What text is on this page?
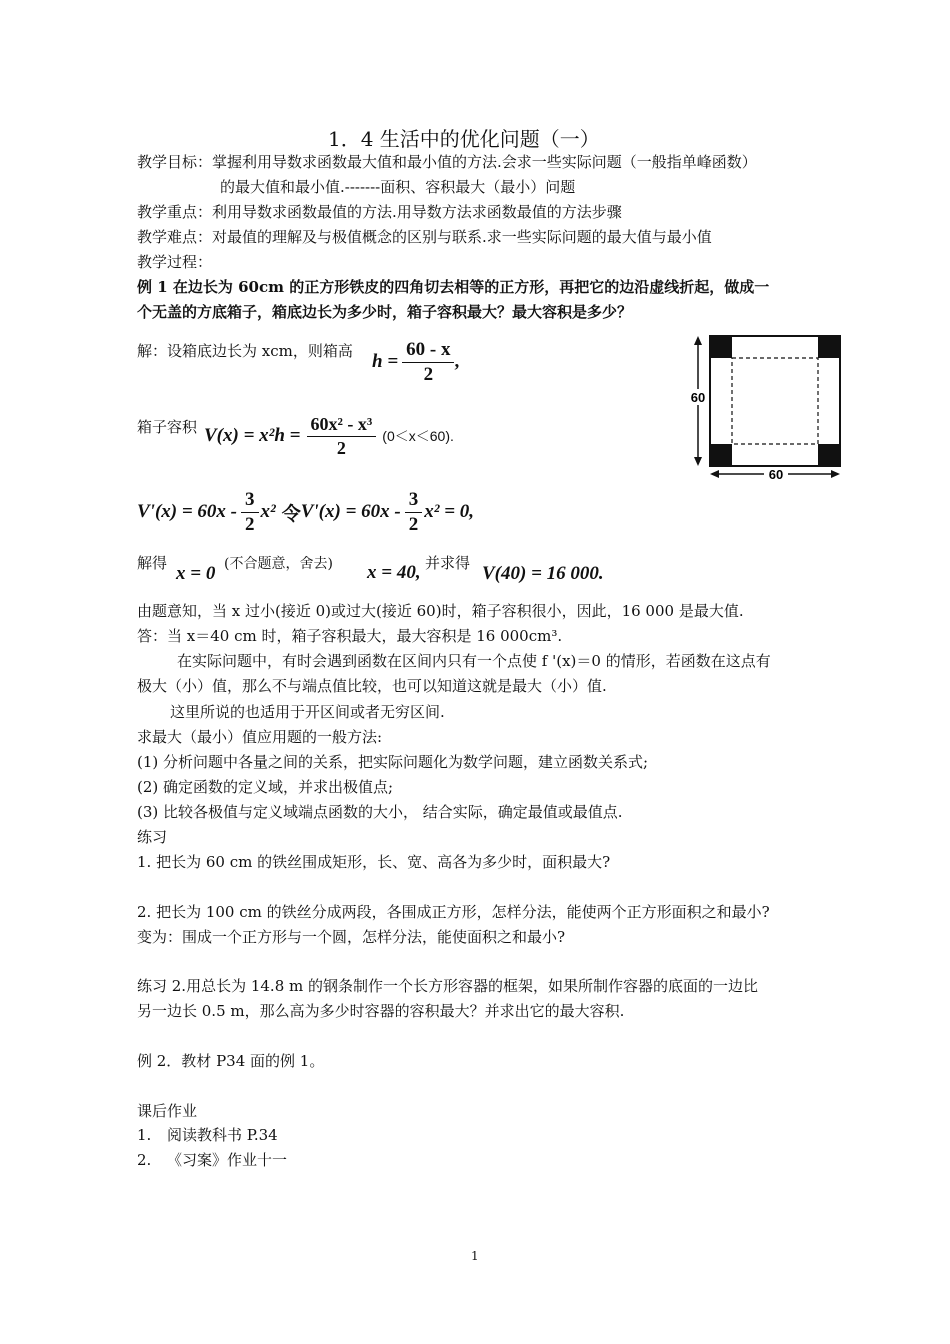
1．4 生活中的优化问题（一）
教学目标：掌握利用导数求函数最大值和最小值的方法.会求一些实际问题（一般指单峰函数）
的最大值和最小值.-------面积、容积最大（最小）问题
教学重点：利用导数求函数最值的方法.用导数方法求函数最值的方法步骤
教学难点：对最值的理解及与极值概念的区别与联系.求一些实际问题的最大值与最小值
教学过程：
例 1 在边长为 60cm 的正方形铁皮的四角切去相等的正方形，再把它的边沿虚线折起，做成一
个无盖的方底箱子，箱底边长为多少时，箱子容积最大？最大容积是多少？
解：设箱底边长为 xcm，则箱高 $h = \frac{60 - x}{2}$ ,
60
60
箱子容积 $V(x) = x^2h = \frac{\text{60x² - x³}}{2} (0<x<60)$.
$V'(x) = 60x - \frac{3}{2} x^2$ 令 $V'(x) = 60x - \frac{3}{2} x^2 = 0$,
解得 x = 0 (不合题意，舍去) x = 40, 并求得 V(40) = 16 000.
由题意知，当 x 过小(接近 0)或过大(接近 60)时，箱子容积很小，因此，16 000 是最大值.
答：当 x＝40 cm 时，箱子容积最大，最大容积是 16 000cm³.
在实际问题中，有时会遇到函数在区间内只有一个点使 f '(x)＝0 的情形，若函数在这点有
极大（小）值，那么不与端点值比较，也可以知道这就是最大（小）值.
这里所说的也适用于开区间或者无穷区间.
求最大（最小）值应用题的一般方法:
(1) 分析问题中各量之间的关系，把实际问题化为数学问题，建立函数关系式;
(2) 确定函数的定义域，并求出极值点;
(3) 比较各极值与定义域端点函数的大小， 结合实际，确定最值或最值点.
练习
1. 把长为 60 cm 的铁丝围成矩形，长、宽、高各为多少时，面积最大?
2. 把长为 100 cm 的铁丝分成两段，各围成正方形，怎样分法，能使两个正方形面积之和最小?
变为：围成一个正方形与一个圆，怎样分法，能使面积之和最小?
练习 2.用总长为 14.8 m 的钢条制作一个长方形容器的框架，如果所制作容器的底面的一边比
另一边长 0.5 m，那么高为多少时容器的容积最大？并求出它的最大容积.
例 2．教材 P34 面的例 1。
课后作业
1. 阅读教科书 P.34
2. 《习案》作业十一
1
